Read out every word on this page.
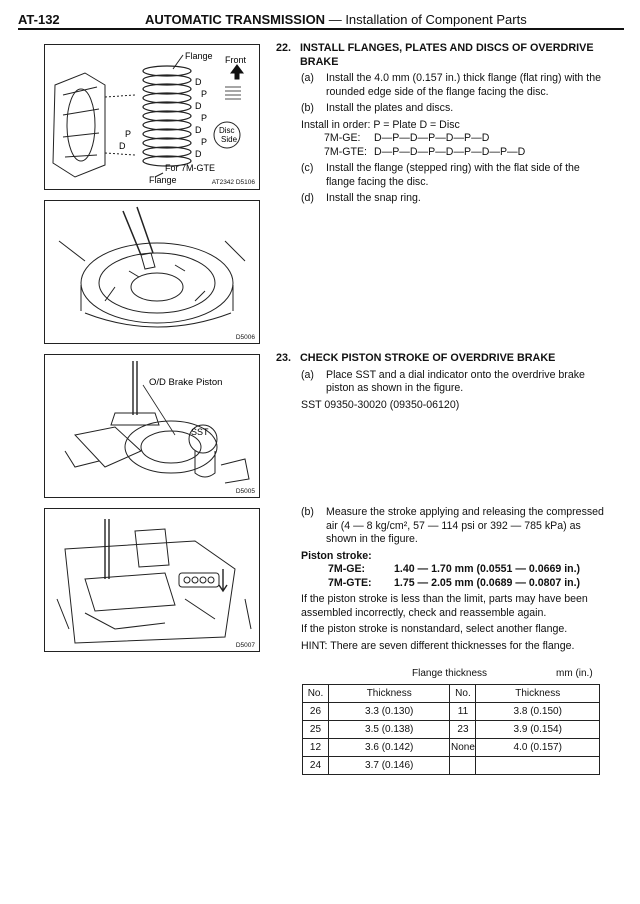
AT-132	AUTOMATIC TRANSMISSION — Installation of Component Parts
Flange Front
D
P
D
P
D
P
D
P
D
Disc
Side
For 7M-GTE
Flange	AT2342 D5106
D5006
O/D Brake Piston
SST
D5005
D5007
22. INSTALL FLANGES, PLATES AND DISCS OF OVERDRIVE BRAKE
(a) Install the 4.0 mm (0.157 in.) thick flange (flat ring) with the rounded edge side of the flange facing the disc.
(b) Install the plates and discs.
Install in order: P = Plate D = Disc
7M-GE: D—P—D—P—D—P—D
7M-GTE: D—P—D—P—D—P—D—P—D
(c) Install the flange (stepped ring) with the flat side of the flange facing the disc.
(d) Install the snap ring.
23. CHECK PISTON STROKE OF OVERDRIVE BRAKE
(a) Place SST and a dial indicator onto the overdrive brake piston as shown in the figure.
SST 09350-30020 (09350-06120)
(b) Measure the stroke applying and releasing the compressed air (4 — 8 kg/cm², 57 — 114 psi or 392 — 785 kPa) as shown in the figure.
Piston stroke:
7M-GE:	1.40 — 1.70 mm (0.0551 — 0.0669 in.)
7M-GTE: 1.75 — 2.05 mm (0.0689 — 0.0807 in.)
If the piston stroke is less than the limit, parts may have been assembled incorrectly, check and reassemble again.
If the piston stroke is nonstandard, select another flange.
HINT: There are seven different thicknesses for the flange.
Flange thickness	mm (in.)
No.	Thickness	No.	Thickness
26	3.3 (0.130)	11	3.8 (0.150)
25	3.5 (0.138)	23	3.9 (0.154)
12	3.6 (0.142)	None	4.0 (0.157)
24	3.7 (0.146)		
